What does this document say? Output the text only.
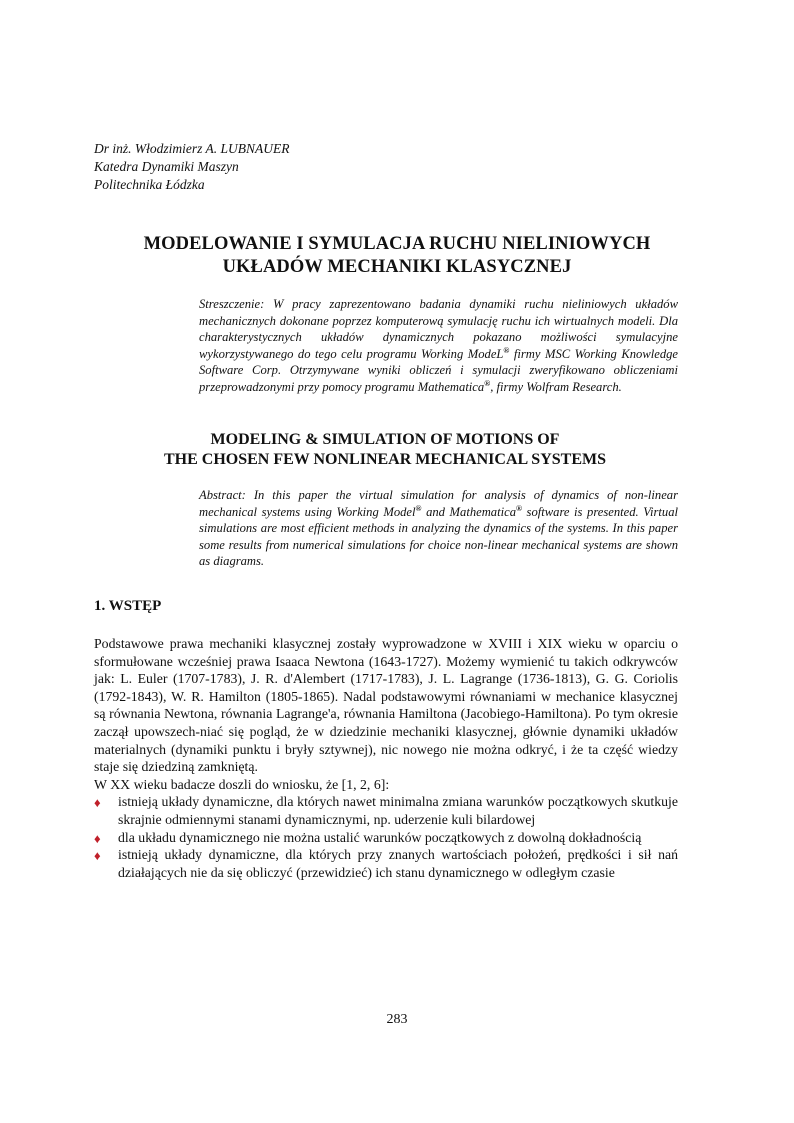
Dr inż. Włodzimierz A. LUBNAUER
Katedra Dynamiki Maszyn
Politechnika Łódzka
MODELOWANIE I SYMULACJA RUCHU NIELINIOWYCH
UKŁADÓW MECHANIKI KLASYCZNEJ
Streszczenie: W pracy zaprezentowano badania dynamiki ruchu nieliniowych układów mechanicznych dokonane poprzez komputerową symulację ruchu ich wirtualnych modeli. Dla charakterystycznych układów dynamicznych pokazano możliwości symulacyjne wykorzystywanego do tego celu programu Working ModeL® firmy MSC Working Knowledge Software Corp. Otrzymywane wyniki obliczeń i symulacji zweryfikowano obliczeniami przeprowadzonymi przy pomocy programu Mathematica®, firmy Wolfram Research.
MODELING & SIMULATION OF MOTIONS OF
THE CHOSEN FEW NONLINEAR MECHANICAL SYSTEMS
Abstract: In this paper the virtual simulation for analysis of dynamics of non-linear mechanical systems using Working Model® and Mathematica® software is presented. Virtual simulations are most efficient methods in analyzing the dynamics of the systems. In this paper some results from numerical simulations for choice non-linear mechanical systems are shown as diagrams.
1. WSTĘP

Podstawowe prawa mechaniki klasycznej zostały wyprowadzone w XVIII i XIX wieku w oparciu o sformułowane wcześniej prawa Isaaca Newtona (1643-1727). Możemy wymienić tu takich odkrywców jak: L. Euler (1707-1783), J. R. d'Alembert (1717-1783), J. L. Lagrange (1736-1813), G. G. Coriolis (1792-1843), W. R. Hamilton (1805-1865). Nadal podstawowymi równaniami w mechanice klasycznej są równania Newtona, równania Lagrange'a, równania Hamiltona (Jacobiego-Hamiltona). Po tym okresie zaczął upowszech-niać się pogląd, że w dziedzinie mechaniki klasycznej, głównie dynamiki układów materialnych (dynamiki punktu i bryły sztywnej), nic nowego nie można odkryć, i że ta część wiedzy staje się dziedziną zamkniętą.

W XX wieku badacze doszli do wniosku, że [1, 2, 6]:

♦ istnieją układy dynamiczne, dla których nawet minimalna zmiana warunków początkowych skutkuje skrajnie odmiennymi stanami dynamicznymi, np. uderzenie kuli bilardowej
♦ dla układu dynamicznego nie można ustalić warunków początkowych z dowolną dokładnością
♦ istnieją układy dynamiczne, dla których przy znanych wartościach położeń, prędkości i sił nań działających nie da się obliczyć (przewidzieć) ich stanu dynamicznego w odległym czasie
283
